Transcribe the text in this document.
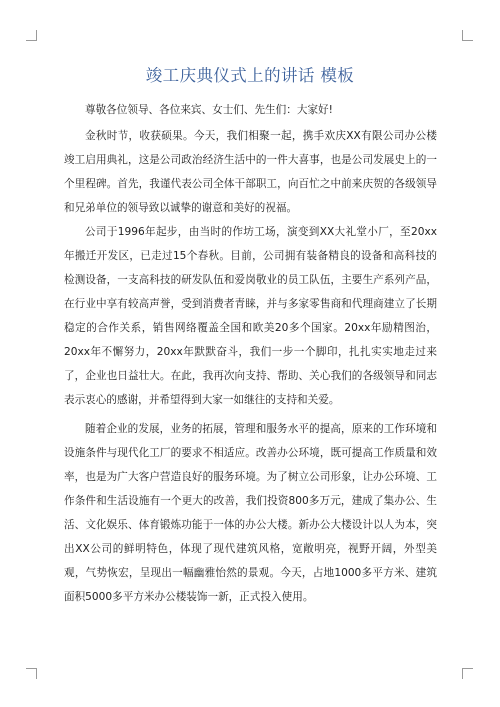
竣工庆典仪式上的讲话 模板

尊敬各位领导、各位来宾、女士们、先生们：大家好!

金秋时节，收获硕果。今天，我们相聚一起，携手欢庆XX有限公司办公楼竣工启用典礼，这是公司政治经济生活中的一件大喜事，也是公司发展史上的一个里程碑。首先，我谨代表公司全体干部职工，向百忙之中前来庆贺的各级领导和兄弟单位的领导致以诚挚的谢意和美好的祝福。

公司于1996年起步，由当时的作坊工场，演变到XX大礼堂小厂，至20xx年搬迁开发区，已走过15个春秋。目前，公司拥有装备精良的设备和高科技的检测设备，一支高科技的研发队伍和爱岗敬业的员工队伍，主要生产系列产品，在行业中享有较高声誉，受到消费者青睐，并与多家零售商和代理商建立了长期稳定的合作关系，销售网络覆盖全国和欧美20多个国家。20xx年励精图治，20xx年不懈努力，20xx年默默奋斗，我们一步一个脚印，扎扎实实地走过来了，企业也日益壮大。在此，我再次向支持、帮助、关心我们的各级领导和同志表示衷心的感谢，并希望得到大家一如继往的支持和关爱。

随着企业的发展，业务的拓展，管理和服务水平的提高，原来的工作环境和设施条件与现代化工厂的要求不相适应。改善办公环境，既可提高工作质量和效率，也是为广大客户营造良好的服务环境。为了树立公司形象，让办公环境、工作条件和生活设施有一个更大的改善，我们投资800多万元，建成了集办公、生活、文化娱乐、体育锻炼功能于一体的办公大楼。新办公大楼设计以人为本，突出XX公司的鲜明特色，体现了现代建筑风格，宽敞明亮，视野开阔，外型美观，气势恢宏，呈现出一幅幽雅怡然的景观。今天，占地1000多平方米、建筑面积5000多平方米办公楼装饰一新，正式投入使用。
